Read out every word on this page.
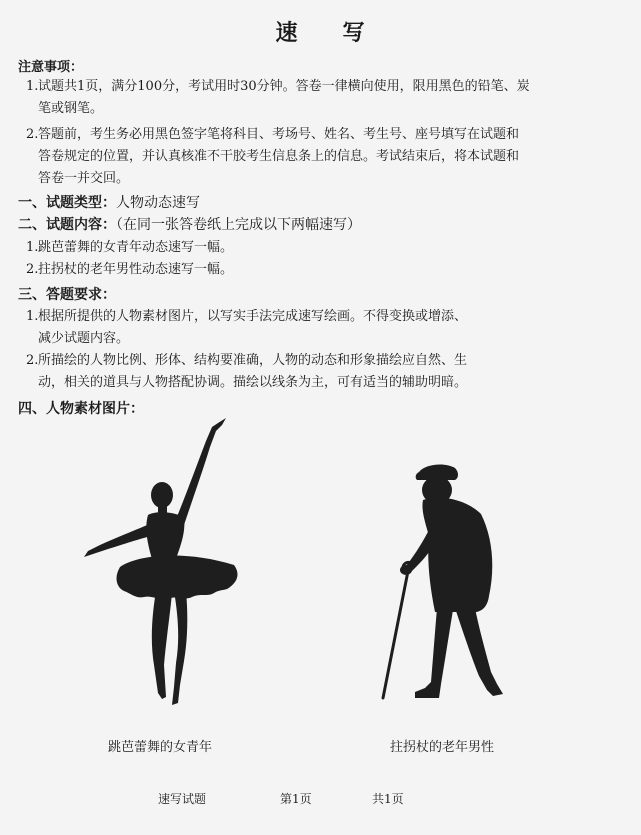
速 写
注意事项：
1. 试题共1页，满分100分，考试用时30分钟。答卷一律横向使用，限用黑色的铅笔、炭
笔或钢笔。
2. 答题前，考生务必用黑色签字笔将科目、考场号、姓名、考生号、座号填写在试题和
答卷规定的位置，并认真核准不干胶考生信息条上的信息。考试结束后，将本试题和
答卷一并交回。
一、试题类型：人物动态速写
二、试题内容：（在同一张答卷纸上完成以下两幅速写）
1. 跳芭蕾舞的女青年动态速写一幅。
2. 拄拐杖的老年男性动态速写一幅。
三、答题要求：
1. 根据所提供的人物素材图片，以写实手法完成速写绘画。不得变换或增添、
减少试题内容。
2. 所描绘的人物比例、形体、结构要准确，人物的动态和形象描绘应自然、生
动，相关的道具与人物搭配协调。描绘以线条为主，可有适当的辅助明暗。
四、人物素材图片：
跳芭蕾舞的女青年	拄拐杖的老年男性
速写试题	第1页	共1页
